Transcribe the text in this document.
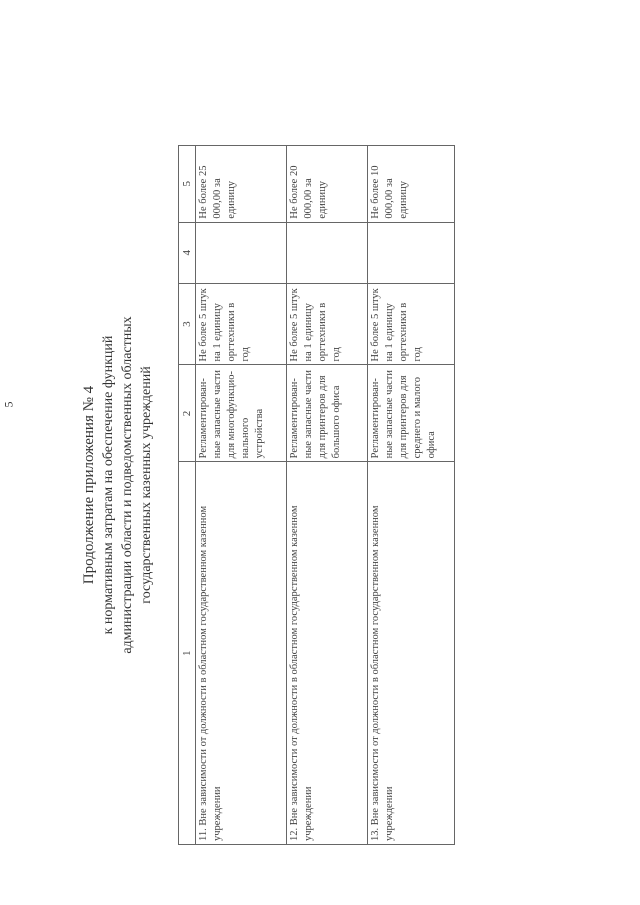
5	Продолжение приложения № 4 к нормативным затратам на обеспечение функций администрации области и подведомственных областных государственных казенных учреждений
1	2	3	4	5
11. Вне зависимости от должности в областном государственном казенном учреждении	Регламентирован-ные запасные части для многофункцио-нального устройства	Не более 5 штук на 1 единицу оргтехники в год		Не более 25 000,00 за единицу
12. Вне зависимости от должности в областном государственном казенном учреждении	Регламентирован-ные запасные части для принтеров для большого офиса	Не более 5 штук на 1 единицу оргтехники в год		Не более 20 000,00 за единицу
13. Вне зависимости от должности в областном государственном казенном учреждении	Регламентирован-ные запасные части для принтеров для среднего и малого офиса	Не более 5 штук на 1 единицу оргтехники в год		Не более 10 000,00 за единицу
